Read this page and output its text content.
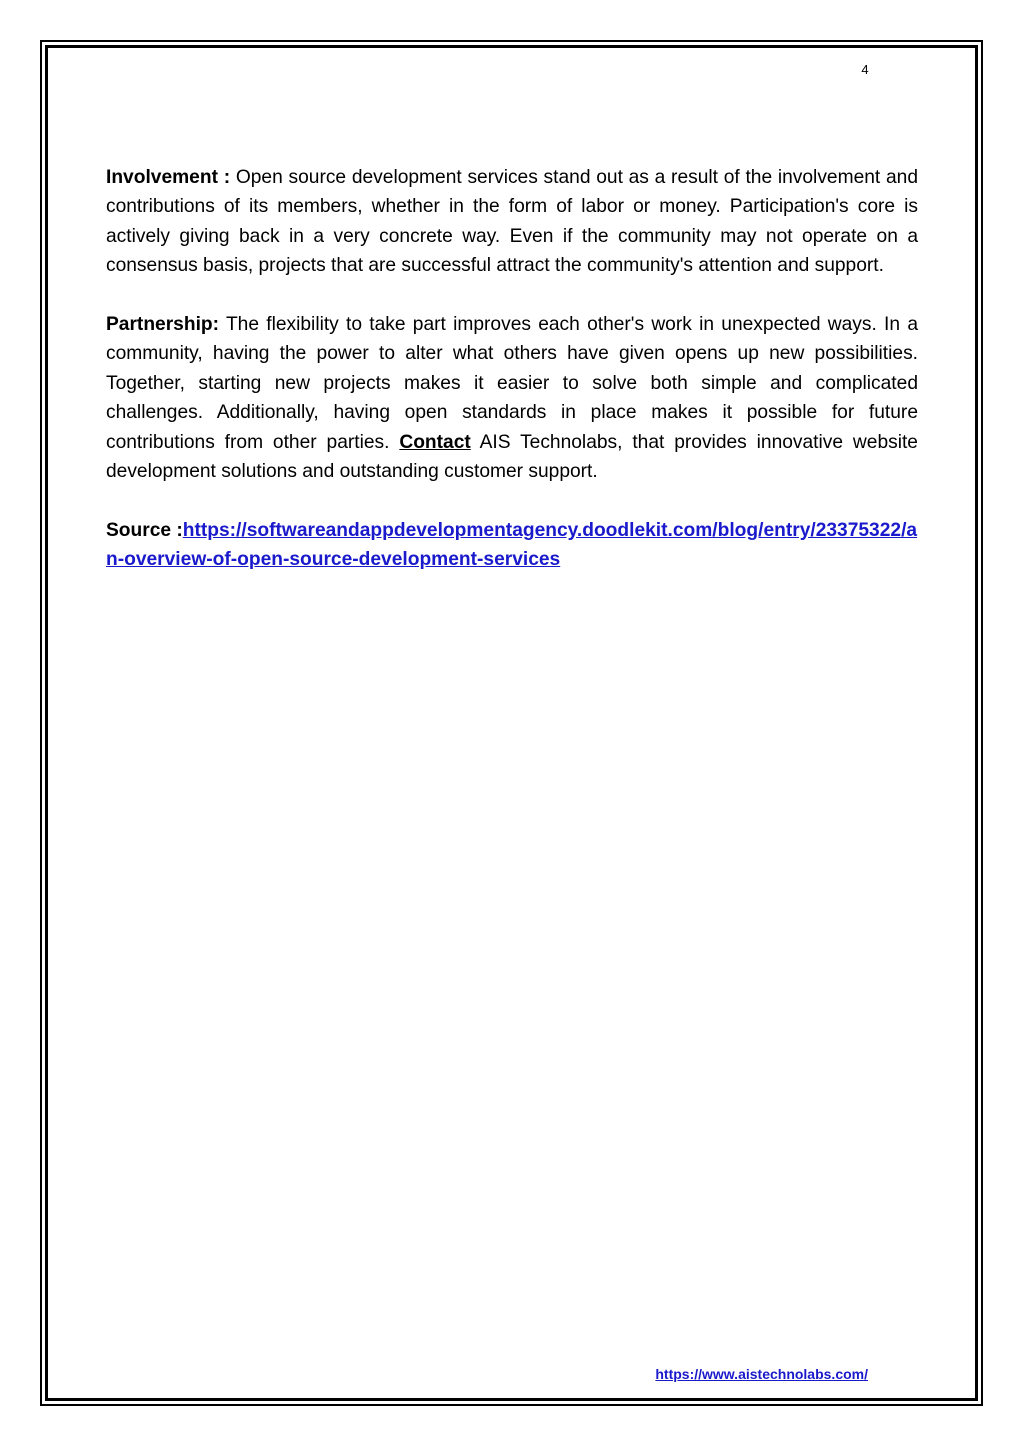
4

Involvement : Open source development services stand out as a result of the involvement and contributions of its members, whether in the form of labor or money. Participation's core is actively giving back in a very concrete way. Even if the community may not operate on a consensus basis, projects that are successful attract the community's attention and support.

Partnership: The flexibility to take part improves each other's work in unexpected ways. In a community, having the power to alter what others have given opens up new possibilities. Together, starting new projects makes it easier to solve both simple and complicated challenges. Additionally, having open standards in place makes it possible for future contributions from other parties. Contact AIS Technolabs, that provides innovative website development solutions and outstanding customer support.

Source :https://softwareandappdevelopmentagency.doodlekit.com/blog/entry/23375322/an-overview-of-open-source-development-services

https://www.aistechnolabs.com/
